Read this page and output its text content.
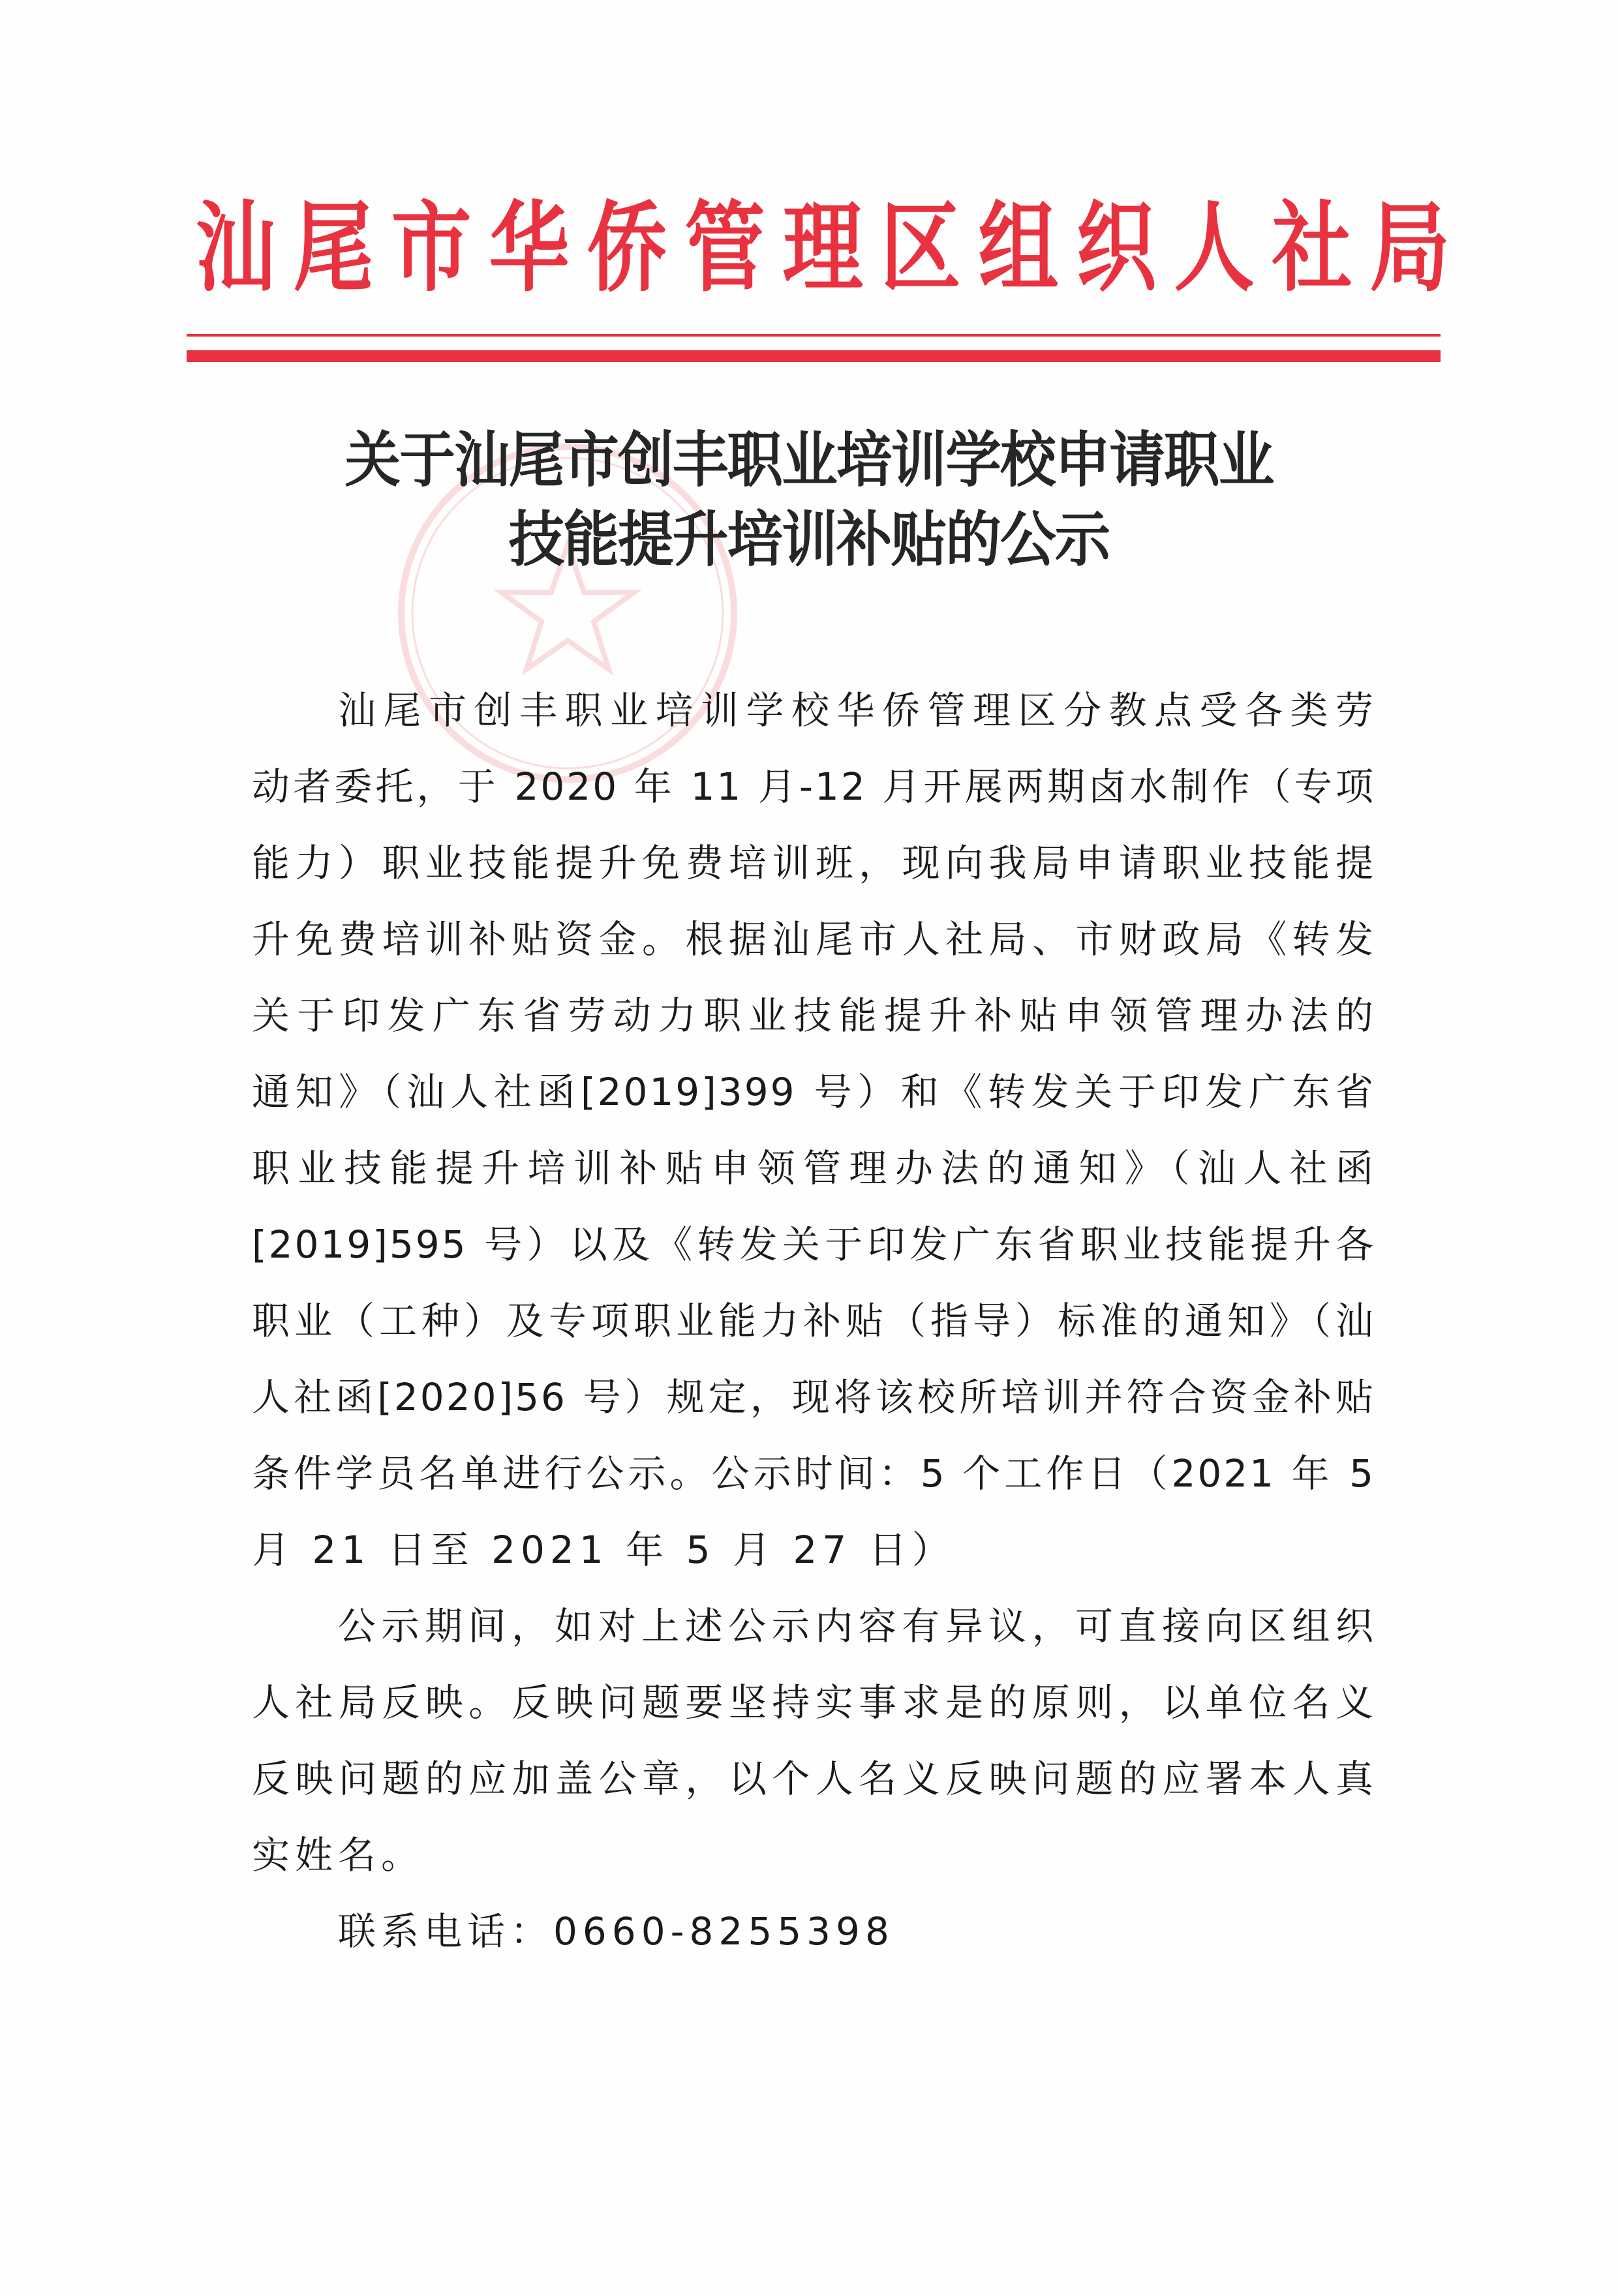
汕 尾 市 华 侨 管 理 区 组 织 人 社 局
关于汕尾市创丰职业培训学校申请职业
技能提升培训补贴的公示
汕尾市创丰职业培训学校华侨管理区分教点受各类劳
动者委托，于 2020 年 11 月-12 月开展两期卤水制作（专项
能力）职业技能提升免费培训班，现向我局申请职业技能提
升免费培训补贴资金。根据汕尾市人社局、市财政局《转发
关于印发广东省劳动力职业技能提升补贴申领管理办法的
通知》（汕人社函[2019]399 号）和《转发关于印发广东省
职业技能提升培训补贴申领管理办法的通知》（汕人社函
[2019]595 号）以及《转发关于印发广东省职业技能提升各
职业（工种）及专项职业能力补贴（指导）标准的通知》（汕
人社函[2020]56 号）规定，现将该校所培训并符合资金补贴
条件学员名单进行公示。公示时间：5 个工作日（2021 年 5
月 21 日至 2021 年 5 月 27 日）
公示期间，如对上述公示内容有异议，可直接向区组织
人社局反映。反映问题要坚持实事求是的原则，以单位名义
反映问题的应加盖公章，以个人名义反映问题的应署本人真
实姓名。
联系电话：0660-8255398
